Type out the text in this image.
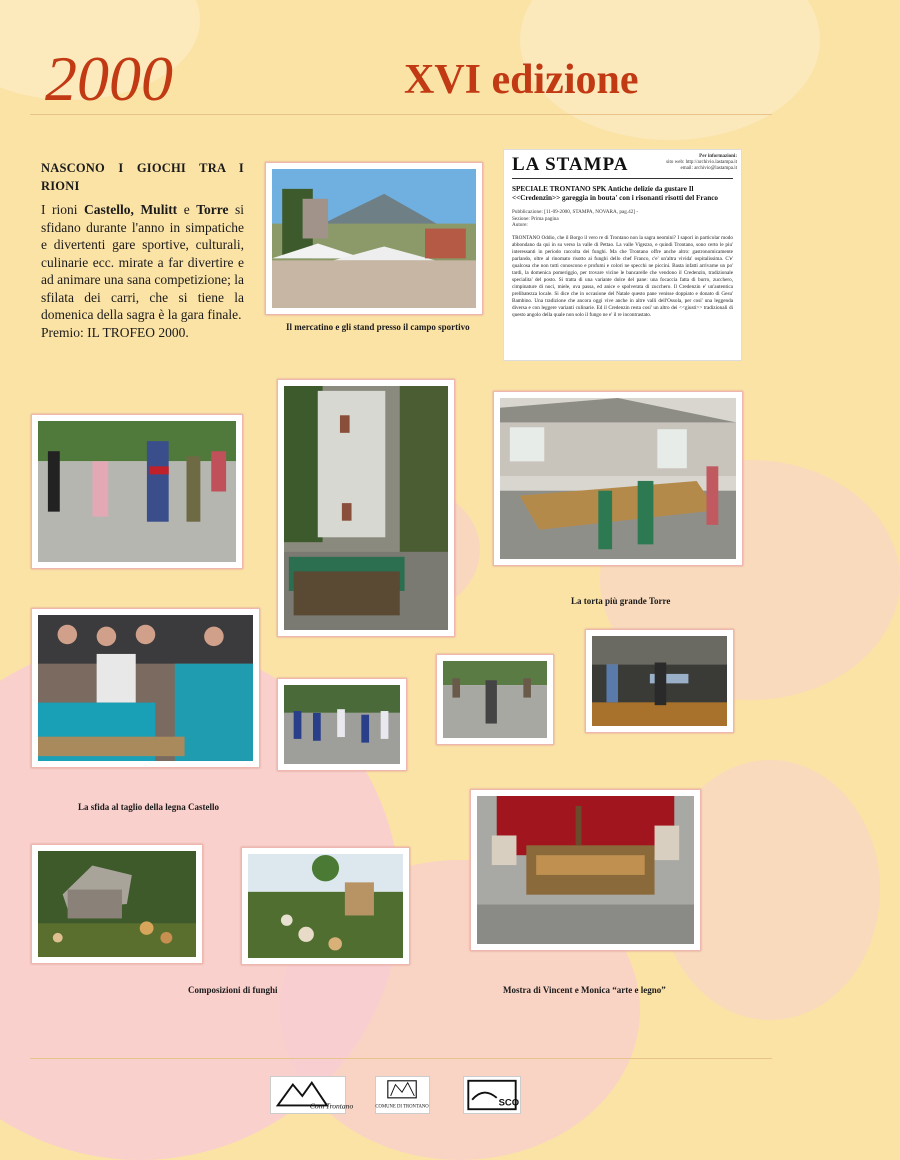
2000	XVI edizione
NASCONO I GIOCHI TRA I RIONI

I rioni Castello, Mulitt e Torre si sfidano durante l'anno in simpatiche e divertenti gare sportive, culturali, culinarie ecc. mirate a far divertire e ad animare una sana competizione; la sfilata dei carri, che si tiene la domenica della sagra è la gara finale.

Premio: IL TROFEO 2000.	Il mercatino e gli stand presso il campo sportivo
LA STAMPA	Per informazioni:
sito web: http://archivio.lastampa.it
email: archivio@lastampa.it
SPECIALE TRONTANO SPK Antiche delizie da gustare Il <<Credenzin>> gareggia in bouta' con i risonanti risotti del Franco
Pubblicazione: [11-09-2000, STAMPA, NOVARA, pag.42] -
Sezione: Prima pagina
Autore:
TRONTANO Oddio, che il Borgo il vero re di Trontano non la sagra neomini? I sapori in particolar modo abbondano da qui in su verso la valle di Pettao. La valle Vigezzo, e quindi Trontano, sono certo le piu' interessanti in periodo raccolta dei funghi. Ma che Trontano offre anche altro: gastronomicamente parlando, oltre al rinomato risotto ai funghi dello chef Franco, c'e' un'altra vivida' ospitalissima. C'e' qualcosa che non tutti conoscono e profumi e colori ne specchi ne piccini. Basta infatti arrivarne un po' tardi, la domenica pomeriggio, per trovare vicine le bancarelle che vendono il Credenzin, tradizionale specialita' del posto. Si tratta di una variante dolce del pane: una focaccia fatta di burro, zucchero, cimpinature di noci, miele, uva passa, ed anice e spolverata di zucchero. Il Credenzin e' un'autentica prelibatezza locale. Si dice che in occasione del Natale questo pane venisse doppiato e donato di Gesu' Bambino. Una tradizione che ancora oggi vive anche in altre valli dell'Ossola, per cosi' una leggenda diversa e con leggere varianti culinarie. Ed il Credenzin resta cosi' un altro dei <<giusti>> tradizionali di questo angolo della quale non solo il fungo ne e' il re incontrastato.
La torta più grande Torre
La sfida al taglio della legna Castello
Composizioni di funghi	Mostra di Vincent e Monica “arte e legno”
Com'Trontano	COMUNE DI TRONTANO	SCO
